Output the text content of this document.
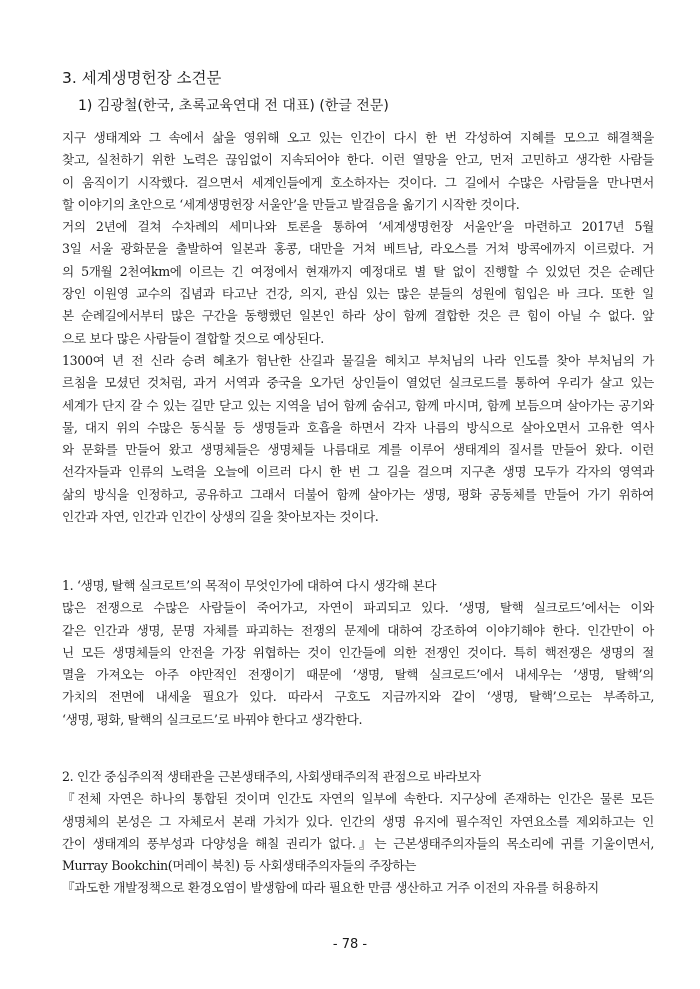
3. 세계생명헌장 소견문
1) 김광철(한국, 초록교육연대 전 대표) (한글 전문)
지구 생태계와 그 속에서 삶을 영위해 오고 있는 인간이 다시 한 번 각성하여 지혜를 모으고 해결책을
찾고, 실천하기 위한 노력은 끊임없이 지속되어야 한다. 이런 열망을 안고, 먼저 고민하고 생각한 사람들
이 움직이기 시작했다. 걸으면서 세계인들에게 호소하자는 것이다. 그 길에서 수많은 사람들을 만나면서
할 이야기의 초안으로 ‘세계생명헌장 서울안’을 만들고 발걸음을 옮기기 시작한 것이다.
거의 2년에 걸쳐 수차례의 세미나와 토론을 통하여 ‘세계생명헌장 서울안’을 마련하고 2017년 5월
3일 서울 광화문을 출발하여 일본과 홍콩, 대만을 거쳐 베트남, 라오스를 거쳐 방콕에까지 이르렀다. 거
의 5개월 2천여km에 이르는 긴 여정에서 현재까지 예정대로 별 탈 없이 진행할 수 있었던 것은 순례단
장인 이원영 교수의 집념과 타고난 건강, 의지, 관심 있는 많은 분들의 성원에 힘입은 바 크다. 또한 일
본 순례길에서부터 많은 구간을 동행했던 일본인 하라 상이 함께 결합한 것은 큰 힘이 아닐 수 없다. 앞
으로 보다 많은 사람들이 결합할 것으로 예상된다.
1300여 년 전 신라 승려 혜초가 험난한 산길과 물길을 헤치고 부처님의 나라 인도를 찾아 부처님의 가
르침을 모셨던 것처럼, 과거 서역과 중국을 오가던 상인들이 열었던 실크로드를 통하여 우리가 살고 있는
세계가 단지 갈 수 있는 길만 닫고 있는 지역을 넘어 함께 숨쉬고, 함께 마시며, 함께 보듬으며 살아가는 공기와
물, 대지 위의 수많은 동식물 등 생명들과 호흡을 하면서 각자 나름의 방식으로 살아오면서 고유한 역사
와 문화를 만들어 왔고 생명체들은 생명체들 나름대로 계를 이루어 생태계의 질서를 만들어 왔다. 이런
선각자들과 인류의 노력을 오늘에 이르러 다시 한 번 그 길을 걸으며 지구촌 생명 모두가 각자의 영역과
삶의 방식을 인정하고, 공유하고 그래서 더불어 함께 살아가는 생명, 평화 공동체를 만들어 가기 위하여
인간과 자연, 인간과 인간이 상생의 길을 찾아보자는 것이다.
1. ‘생명, 탈핵 실크로트’의 목적이 무엇인가에 대하여 다시 생각해 본다
많은 전쟁으로 수많은 사람들이 죽어가고, 자연이 파괴되고 있다. ‘생명, 탈핵 실크로드’에서는 이와
같은 인간과 생명, 문명 자체를 파괴하는 전쟁의 문제에 대하여 강조하여 이야기해야 한다. 인간만이 아
닌 모든 생명체들의 안전을 가장 위협하는 것이 인간들에 의한 전쟁인 것이다. 특히 핵전쟁은 생명의 절
멸을 가져오는 아주 야만적인 전쟁이기 때문에 ‘생명, 탈핵 실크로드’에서 내세우는 ‘생명, 탈핵’의
가치의 전면에 내세울 필요가 있다. 따라서 구호도 지금까지와 같이 ‘생명, 탈핵’으로는 부족하고,
‘생명, 평화, 탈핵의 실크로드’로 바꿔야 한다고 생각한다.
2. 인간 중심주의적 생태관을 근본생태주의, 사회생태주의적 관점으로 바라보자
『전체 자연은 하나의 통합된 것이며 인간도 자연의 일부에 속한다. 지구상에 존재하는 인간은 물론 모든
생명체의 본성은 그 자체로서 본래 가치가 있다. 인간의 생명 유지에 필수적인 자연요소를 제외하고는 인
간이 생태계의 풍부성과 다양성을 해칠 권리가 없다.』는 근본생태주의자들의 목소리에 귀를 기울이면서,
Murray Bookchin(머레이 북친) 등 사회생태주의자들의 주장하는
『과도한 개발정책으로 환경오염이 발생함에 따라 필요한 만큼 생산하고 거주 이전의 자유를 허용하지
- 78 -
